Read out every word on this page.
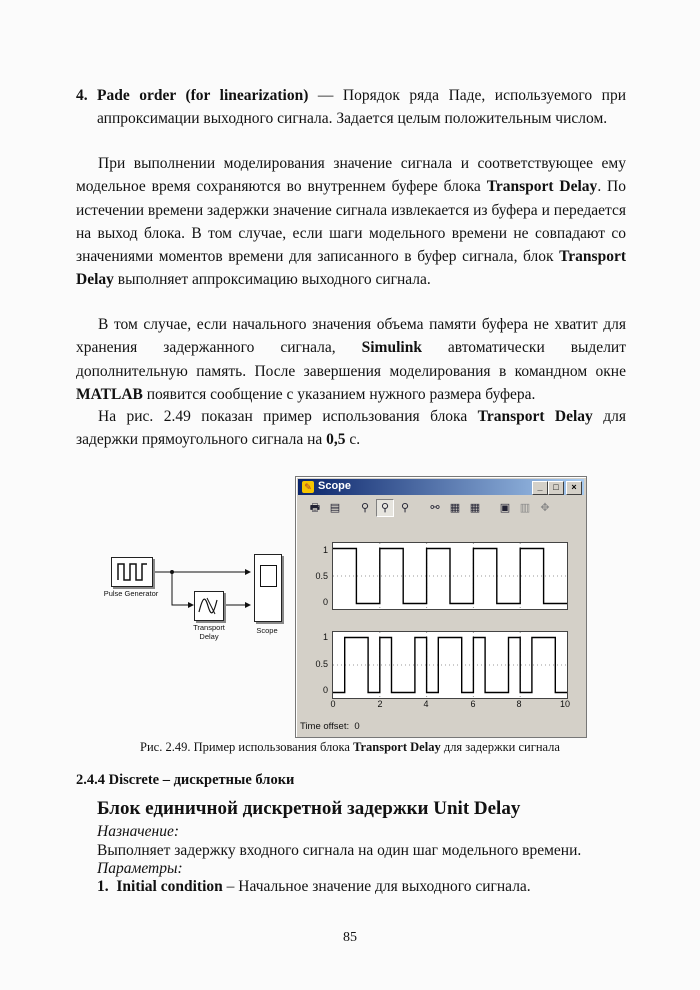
4. Pade order (for linearization) — Порядок ряда Паде, используемого при аппроксимации выходного сигнала. Задается целым положительным числом.
При выполнении моделирования значение сигнала и соответствующее ему модельное время сохраняются во внутреннем буфере блока Transport Delay. По истечении времени задержки значение сигнала извлекается из буфера и передается на выход блока. В том случае, если шаги модельного времени не совпадают со значениями моментов времени для записанного в буфер сигнала, блок Transport Delay выполняет аппроксимацию выходного сигнала.
В том случае, если начального значения объема памяти буфера не хватит для хранения задержанного сигнала, Simulink автоматически выделит дополнительную память. После завершения моделирования в командном окне MATLAB появится сообщение с указанием нужного размера буфера.
На рис. 2.49 показан пример использования блока Transport Delay для задержки прямоугольного сигнала на 0,5 с.
Pulse Generator
Transport Delay
Scope
✎ Scope	_	□	×
🖶 ▤	⚲	⚲	⚲	⚯ ▦ ▦	▣ ▥ ✥
1
0.5
0
1
0.5
0
0	2	4	6	8	10
Time offset: 0
Рис. 2.49. Пример использования блока Transport Delay для задержки сигнала
2.4.4 Discrete – дискретные блоки
Блок единичной дискретной задержки Unit Delay
Назначение:
Выполняет задержку входного сигнала на один шаг модельного времени.
Параметры:
1. Initial condition – Начальное значение для выходного сигнала.
85
